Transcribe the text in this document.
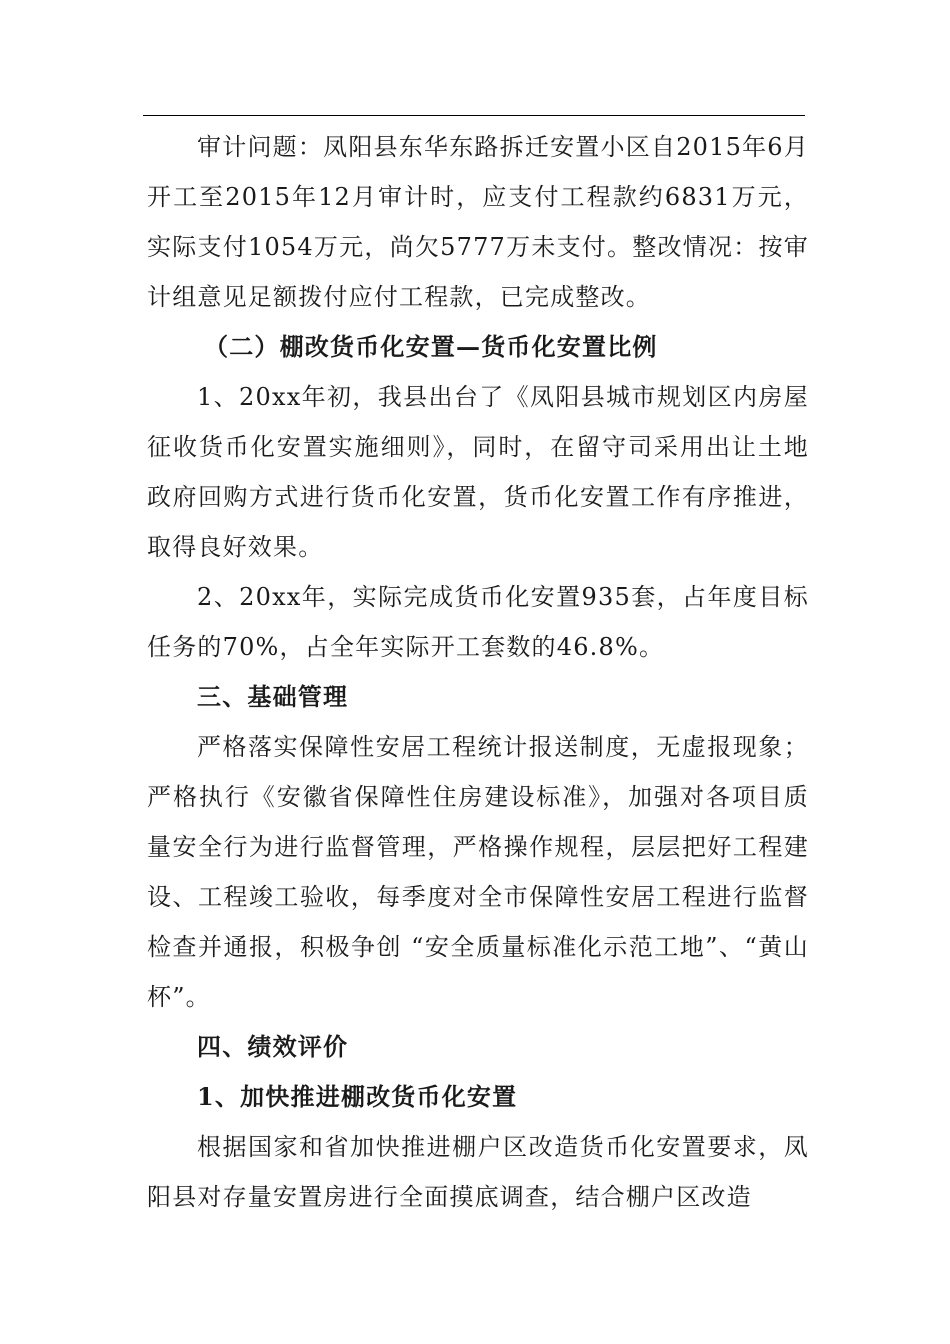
审计问题：凤阳县东华东路拆迁安置小区自2015年6月开工至2015年12月审计时，应支付工程款约6831万元，实际支付1054万元，尚欠5777万未支付。整改情况：按审计组意见足额拨付应付工程款，已完成整改。

（二）棚改货币化安置—货币化安置比例

1、20xx年初，我县出台了《凤阳县城市规划区内房屋征收货币化安置实施细则》，同时，在留守司采用出让土地政府回购方式进行货币化安置，货币化安置工作有序推进，取得良好效果。

2、20xx年，实际完成货币化安置935套，占年度目标任务的70%，占全年实际开工套数的46.8%。

三、基础管理

严格落实保障性安居工程统计报送制度，无虚报现象；严格执行《安徽省保障性住房建设标准》，加强对各项目质量安全行为进行监督管理，严格操作规程，层层把好工程建设、工程竣工验收，每季度对全市保障性安居工程进行监督检查并通报，积极争创 “安全质量标准化示范工地”、“黄山杯”。

四、绩效评价

1、加快推进棚改货币化安置

根据国家和省加快推进棚户区改造货币化安置要求，凤阳县对存量安置房进行全面摸底调查，结合棚户区改造
